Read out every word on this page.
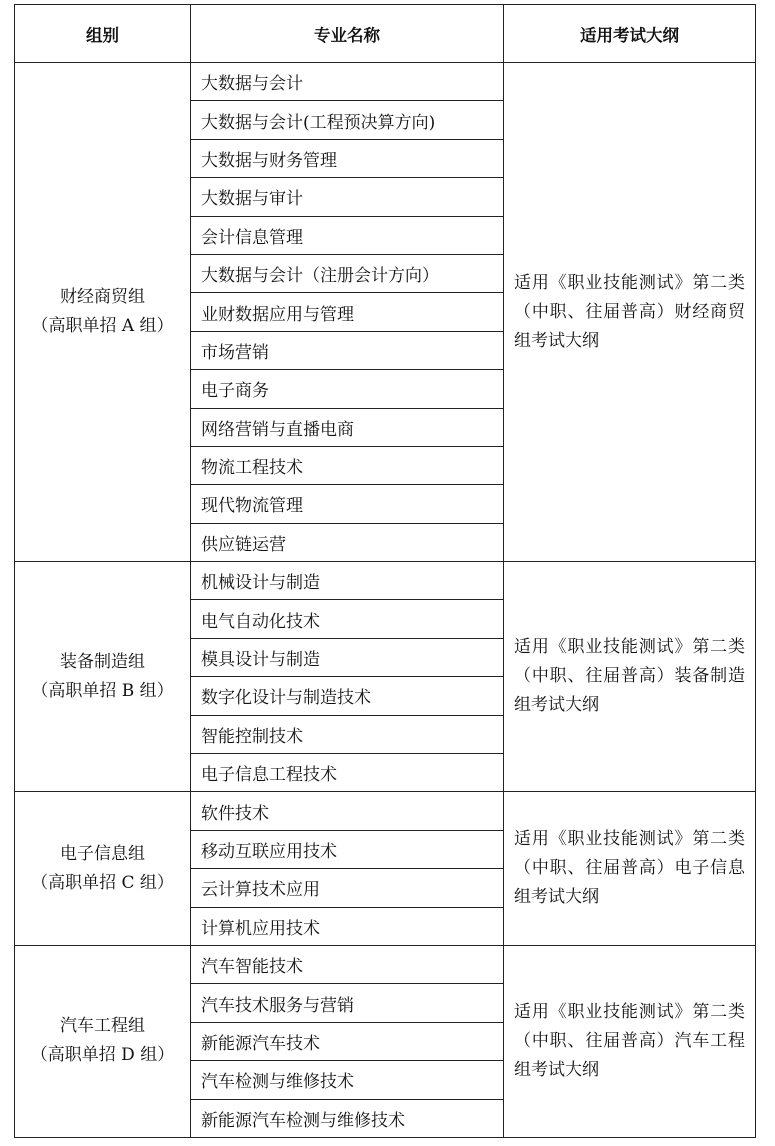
组别	专业名称	适用考试大纲

财经商贸组
（高职单招 A 组）	大数据与会计	适用《职业技能测试》第二类（中职、往届普高）财经商贸组考试大纲
	大数据与会计(工程预决算方向)	
	大数据与财务管理	
	大数据与审计	
	会计信息管理	
	大数据与会计（注册会计方向）	
	业财数据应用与管理	
	市场营销	
	电子商务	
	网络营销与直播电商	
	物流工程技术	
	现代物流管理	
	供应链运营	

装备制造组
（高职单招 B 组）	机械设计与制造	适用《职业技能测试》第二类（中职、往届普高）装备制造组考试大纲
	电气自动化技术	
	模具设计与制造	
	数字化设计与制造技术	
	智能控制技术	
	电子信息工程技术	

电子信息组
（高职单招 C 组）	软件技术	适用《职业技能测试》第二类（中职、往届普高）电子信息组考试大纲
	移动互联应用技术	
	云计算技术应用	
	计算机应用技术	

汽车工程组
（高职单招 D 组）	汽车智能技术	适用《职业技能测试》第二类（中职、往届普高）汽车工程组考试大纲
	汽车技术服务与营销	
	新能源汽车技术	
	汽车检测与维修技术	
	新能源汽车检测与维修技术	
